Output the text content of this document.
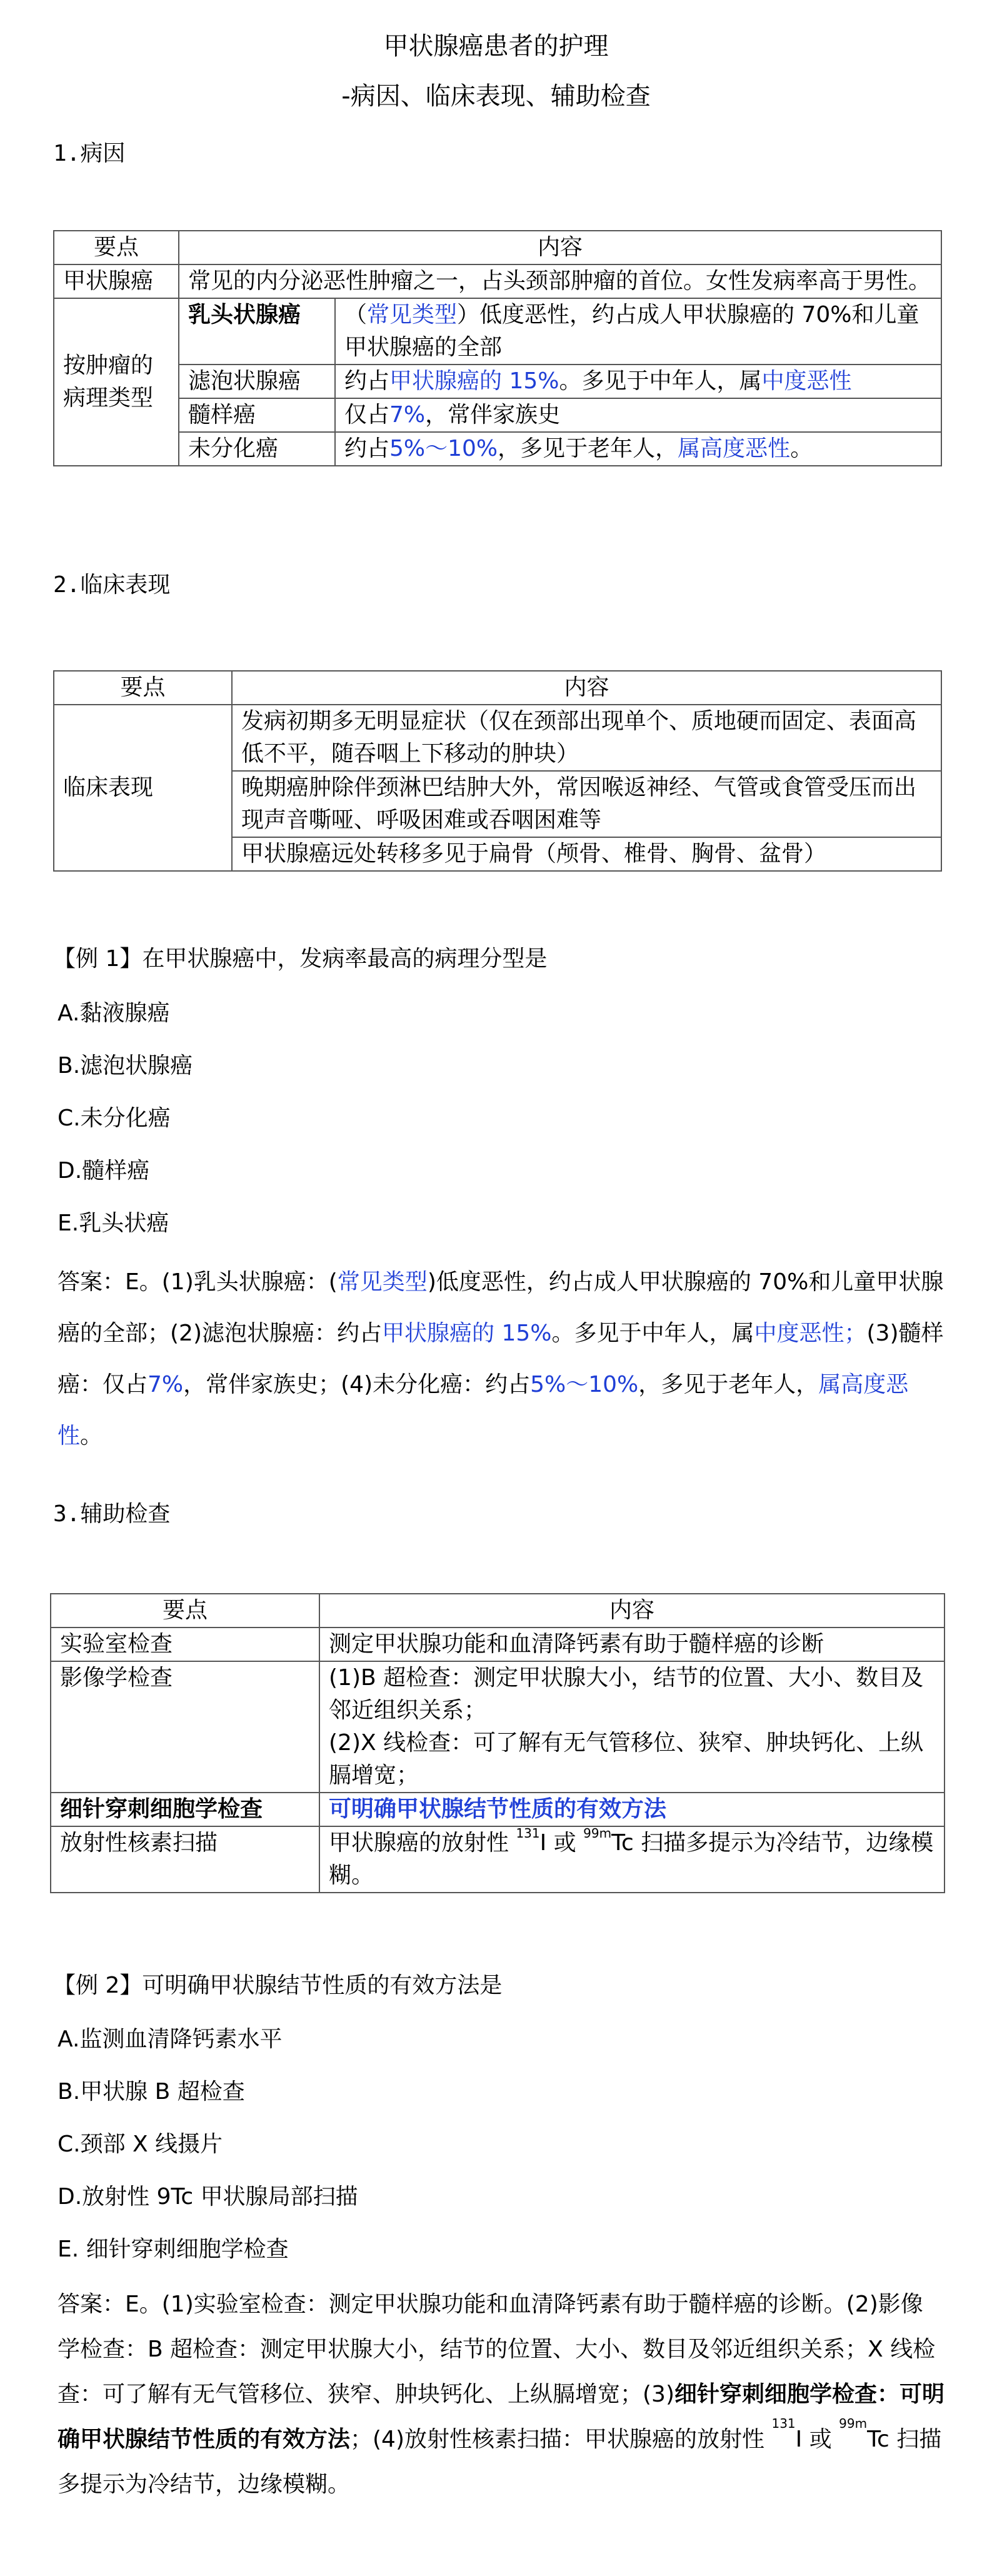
甲状腺癌患者的护理
-病因、临床表现、辅助检查
1.病因
要点	内容	
甲状腺癌	常见的内分泌恶性肿瘤之一，占头颈部肿瘤的首位。女性发病率高于男性。	
按肿瘤的病理类型	乳头状腺癌	（常见类型）低度恶性，约占成人甲状腺癌的 70%和儿童甲状腺癌的全部
	滤泡状腺癌	约占甲状腺癌的 15%。多见于中年人，属中度恶性
	髓样癌	仅占7%，常伴家族史
	未分化癌	约占5%～10%，多见于老年人，属高度恶性。
2.临床表现
要点	内容
临床表现	发病初期多无明显症状（仅在颈部出现单个、质地硬而固定、表面高低不平，随吞咽上下移动的肿块）
	晚期癌肿除伴颈淋巴结肿大外，常因喉返神经、气管或食管受压而出现声音嘶哑、呼吸困难或吞咽困难等
	甲状腺癌远处转移多见于扁骨（颅骨、椎骨、胸骨、盆骨）
【例 1】在甲状腺癌中，发病率最高的病理分型是
A.黏液腺癌
B.滤泡状腺癌
C.未分化癌
D.髓样癌
E.乳头状癌
答案：E。(1)乳头状腺癌：(常见类型)低度恶性，约占成人甲状腺癌的 70%和儿童甲状腺癌的全部；(2)滤泡状腺癌：约占甲状腺癌的 15%。多见于中年人，属中度恶性；(3)髓样癌：仅占7%，常伴家族史；(4)未分化癌：约占5%～10%，多见于老年人，属高度恶性。
3.辅助检查
要点	内容
实验室检查	测定甲状腺功能和血清降钙素有助于髓样癌的诊断
影像学检查	(1)B 超检查：测定甲状腺大小，结节的位置、大小、数目及邻近组织关系；
(2)X 线检查：可了解有无气管移位、狭窄、肿块钙化、上纵膈增宽；

细针穿刺细胞学检查	可明确甲状腺结节性质的有效方法
放射性核素扫描	甲状腺癌的放射性 $^{131}$I 或 $^{99m}$Tc 扫描多提示为冷结节，边缘模糊。
【例 2】可明确甲状腺结节性质的有效方法是
A.监测血清降钙素水平
B.甲状腺 B 超检查
C.颈部 X 线摄片
D.放射性 9Tc 甲状腺局部扫描
E. 细针穿刺细胞学检查
答案：E。(1)实验室检查：测定甲状腺功能和血清降钙素有助于髓样癌的诊断。(2)影像学检查：B 超检查：测定甲状腺大小，结节的位置、大小、数目及邻近组织关系；X 线检查：可了解有无气管移位、狭窄、肿块钙化、上纵膈增宽；(3)细针穿刺细胞学检查：可明确甲状腺结节性质的有效方法；(4)放射性核素扫描：甲状腺癌的放射性 $^{131}$I 或 $^{99m}$Tc 扫描多提示为冷结节，边缘模糊。
